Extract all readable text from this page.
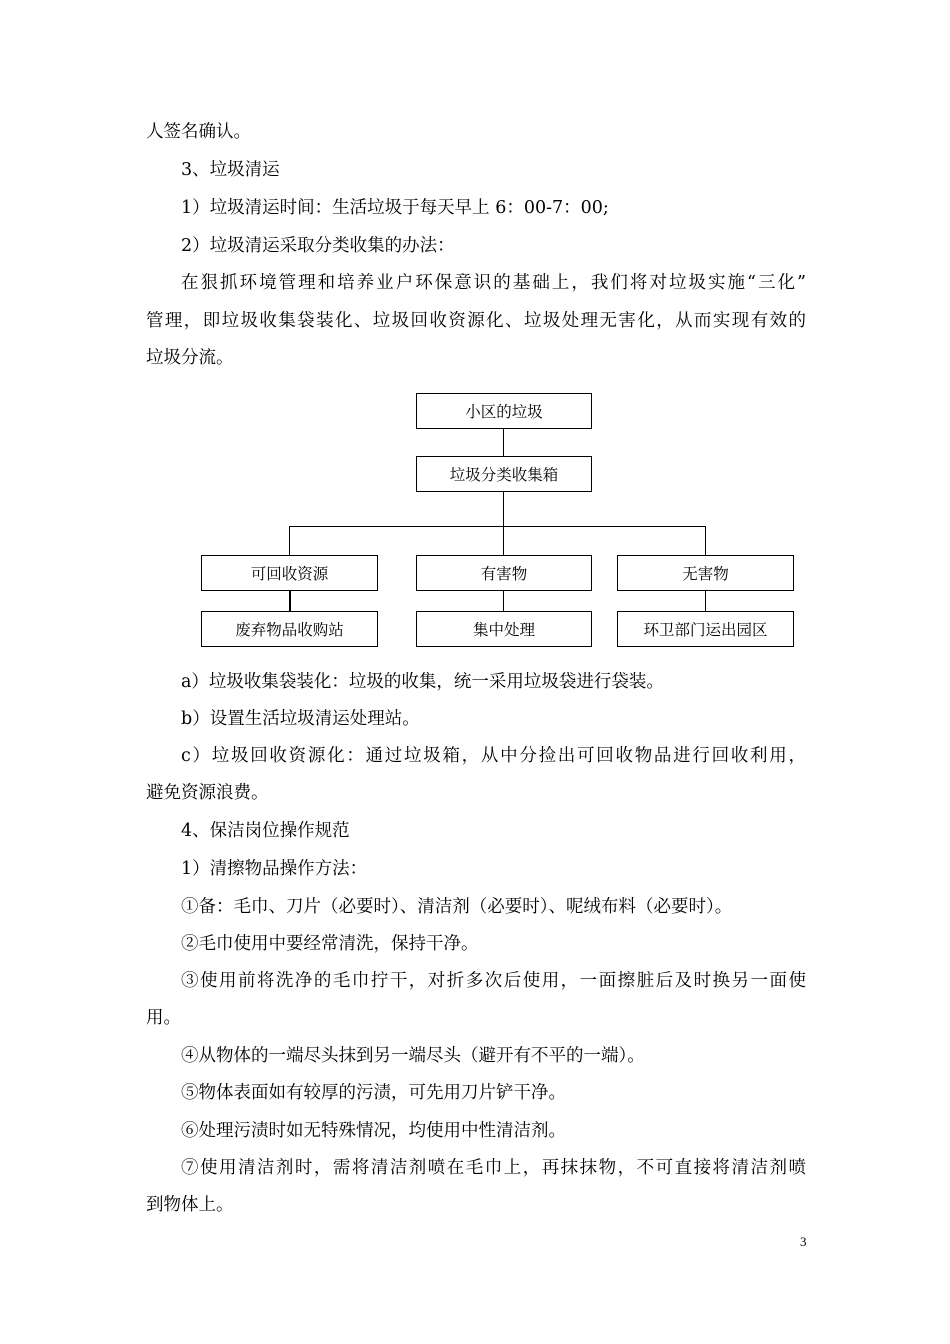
人签名确认。
3、垃圾清运
1）垃圾清运时间：生活垃圾于每天早上 6：00-7：00;
2）垃圾清运采取分类收集的办法：
在狠抓环境管理和培养业户环保意识的基础上，我们将对垃圾实施“三化”
管理，即垃圾收集袋装化、垃圾回收资源化、垃圾处理无害化，从而实现有效的
垃圾分流。
小区的垃圾
垃圾分类收集箱
可回收资源	有害物	无害物
废弃物品收购站	集中处理	环卫部门运出园区
a）垃圾收集袋装化：垃圾的收集，统一采用垃圾袋进行袋装。
b）设置生活垃圾清运处理站。
c）垃圾回收资源化：通过垃圾箱，从中分捡出可回收物品进行回收利用，
避免资源浪费。
4、保洁岗位操作规范
1）清擦物品操作方法：
①备：毛巾、刀片（必要时）、清洁剂（必要时）、呢绒布料（必要时）。
②毛巾使用中要经常清洗，保持干净。
③使用前将洗净的毛巾拧干，对折多次后使用，一面擦脏后及时换另一面使
用。
④从物体的一端尽头抹到另一端尽头（避开有不平的一端）。
⑤物体表面如有较厚的污渍，可先用刀片铲干净。
⑥处理污渍时如无特殊情况，均使用中性清洁剂。
⑦使用清洁剂时，需将清洁剂喷在毛巾上，再抹抹物，不可直接将清洁剂喷
到物体上。
3
